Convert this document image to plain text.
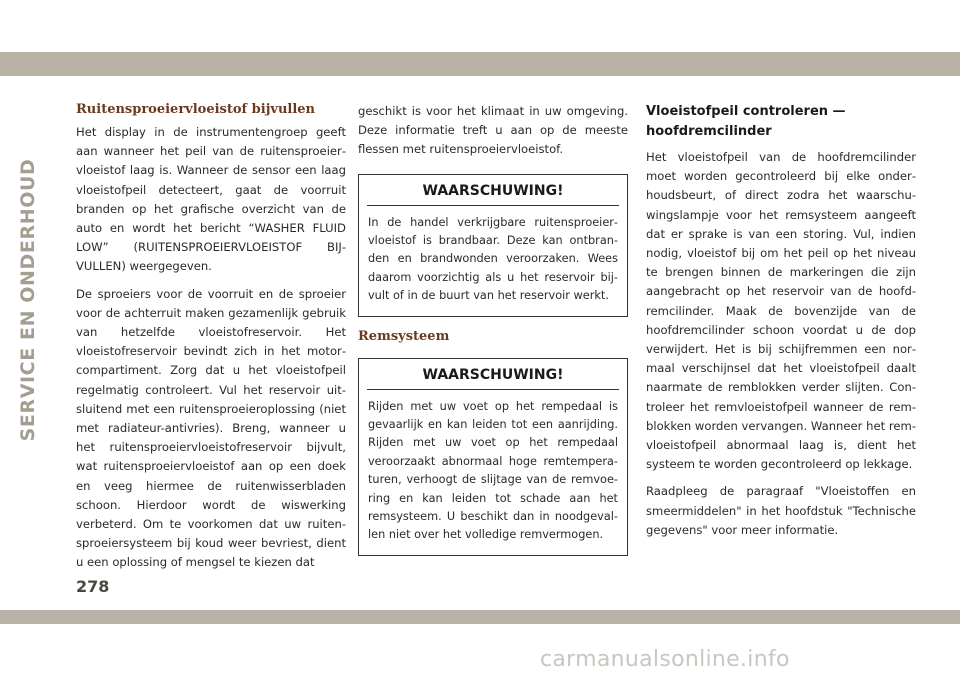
SERVICE EN ONDERHOUD
Ruitensproeiervloeistof bijvullen

Het display in de instrumentengroep geeft aan wanneer het peil van de ruitensproeiervloeistof laag is. Wanneer de sensor een laag vloeistofpeil detecteert, gaat de voorruit branden op het grafische overzicht van de auto en wordt het bericht “WASHER FLUID LOW” (RUITENSPROEIERVLOEISTOF BIJVULLEN) weergegeven.

De sproeiers voor de voorruit en de sproeier voor de achterruit maken gezamenlijk gebruik van hetzelfde vloeistofreservoir. Het vloeistofreservoir bevindt zich in het motorcompartiment. Zorg dat u het vloeistofpeil regelmatig controleert. Vul het reservoir uitsluitend met een ruitensproeieroplossing (niet met radiateur-antivries). Breng, wanneer u het ruitensproeiervloeistofreservoir bijvult, wat ruitensproeiervloeistof aan op een doek en veeg hiermee de ruitenwisserbladen schoon. Hierdoor wordt de wiswerking verbeterd. Om te voorkomen dat uw ruitensproeiersysteem bij koud weer bevriest, dient u een oplossing of mengsel te kiezen dat

geschikt is voor het klimaat in uw omgeving. Deze informatie treft u aan op de meeste flessen met ruitensproeiervloeistof.

WAARSCHUWING!
In de handel verkrijgbare ruitensproeiervloeistof is brandbaar. Deze kan ontbranden en brandwonden veroorzaken. Wees daarom voorzichtig als u het reservoir bijvult of in de buurt van het reservoir werkt.
Remsysteem
WAARSCHUWING!
Rijden met uw voet op het rempedaal is gevaarlijk en kan leiden tot een aanrijding. Rijden met uw voet op het rempedaal veroorzaakt abnormaal hoge remtemperaturen, verhoogt de slijtage van de remvoering en kan leiden tot schade aan het remsysteem. U beschikt dan in noodgevallen niet over het volledige remvermogen.
Vloeistofpeil controleren — hoofdremcilinder

Het vloeistofpeil van de hoofdremcilinder moet worden gecontroleerd bij elke onderhoudsbeurt, of direct zodra het waarschuwingslampje voor het remsysteem aangeeft dat er sprake is van een storing. Vul, indien nodig, vloeistof bij om het peil op het niveau te brengen binnen de markeringen die zijn aangebracht op het reservoir van de hoofdremcilinder. Maak de bovenzijde van de hoofdremcilinder schoon voordat u de dop verwijdert. Het is bij schijfremmen een normaal verschijnsel dat het vloeistofpeil daalt naarmate de remblokken verder slijten. Controleer het remvloeistofpeil wanneer de remblokken worden vervangen. Wanneer het remvloeistofpeil abnormaal laag is, dient het systeem te worden gecontroleerd op lekkage.

Raadpleeg de paragraaf "Vloeistoffen en smeermiddelen" in het hoofdstuk "Technische gegevens" voor meer informatie.

278
carmanualsonline.info
